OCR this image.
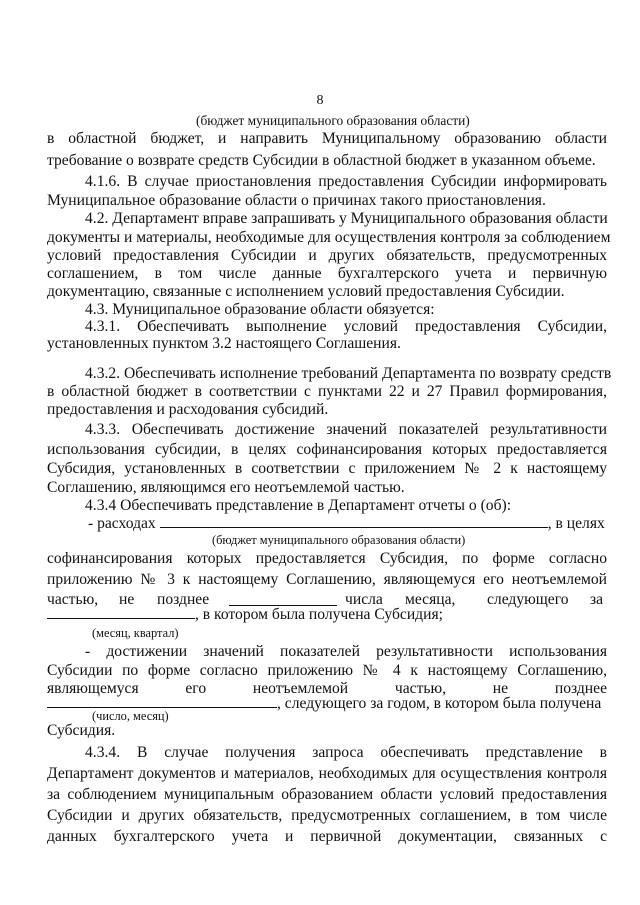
8
(бюджет муниципального образования области)
в областной бюджет, и направить Муниципальному образованию области
требование о возврате средств Субсидии в областной бюджет в указанном объеме.
4.1.6. В случае приостановления предоставления Субсидии информировать
Муниципальное образование области о причинах такого приостановления.
4.2. Департамент вправе запрашивать у Муниципального образования области
документы и материалы, необходимые для осуществления контроля за соблюдением
условий предоставления Субсидии и других обязательств, предусмотренных
соглашением, в том числе данные бухгалтерского учета и первичную
документацию, связанные с исполнением условий предоставления Субсидии.
4.3. Муниципальное образование области обязуется:
4.3.1. Обеспечивать выполнение условий предоставления Субсидии,
установленных пунктом 3.2 настоящего Соглашения.
4.3.2. Обеспечивать исполнение требований Департамента по возврату средств
в областной бюджет в соответствии с пунктами 22 и 27 Правил формирования,
предоставления и расходования субсидий.
4.3.3. Обеспечивать достижение значений показателей результативности
использования субсидии, в целях софинансирования которых предоставляется
Субсидия, установленных в соответствии с приложением № 2 к настоящему
Соглашению, являющимся его неотъемлемой частью.
4.3.4 Обеспечивать представление в Департамент отчеты о (об):
- расходах	, в целях
(бюджет муниципального образования области)
софинансирования которых предоставляется Субсидия, по форме согласно
приложению № 3 к настоящему Соглашению, являющемуся его неотъемлемой
частью, не позднее	числа месяца, следующего за
, в котором была получена Субсидия;
(месяц, квартал)
- достижении значений показателей результативности использования
Субсидии по форме согласно приложению № 4 к настоящему Соглашению,
являющемуся его неотъемлемой частью, не позднее
, следующего за годом, в котором была получена
(число, месяц)
Субсидия.
4.3.4. В случае получения запроса обеспечивать представление в
Департамент документов и материалов, необходимых для осуществления контроля
за соблюдением муниципальным образованием области условий предоставления
Субсидии и других обязательств, предусмотренных соглашением, в том числе
данных бухгалтерского учета и первичной документации, связанных с
